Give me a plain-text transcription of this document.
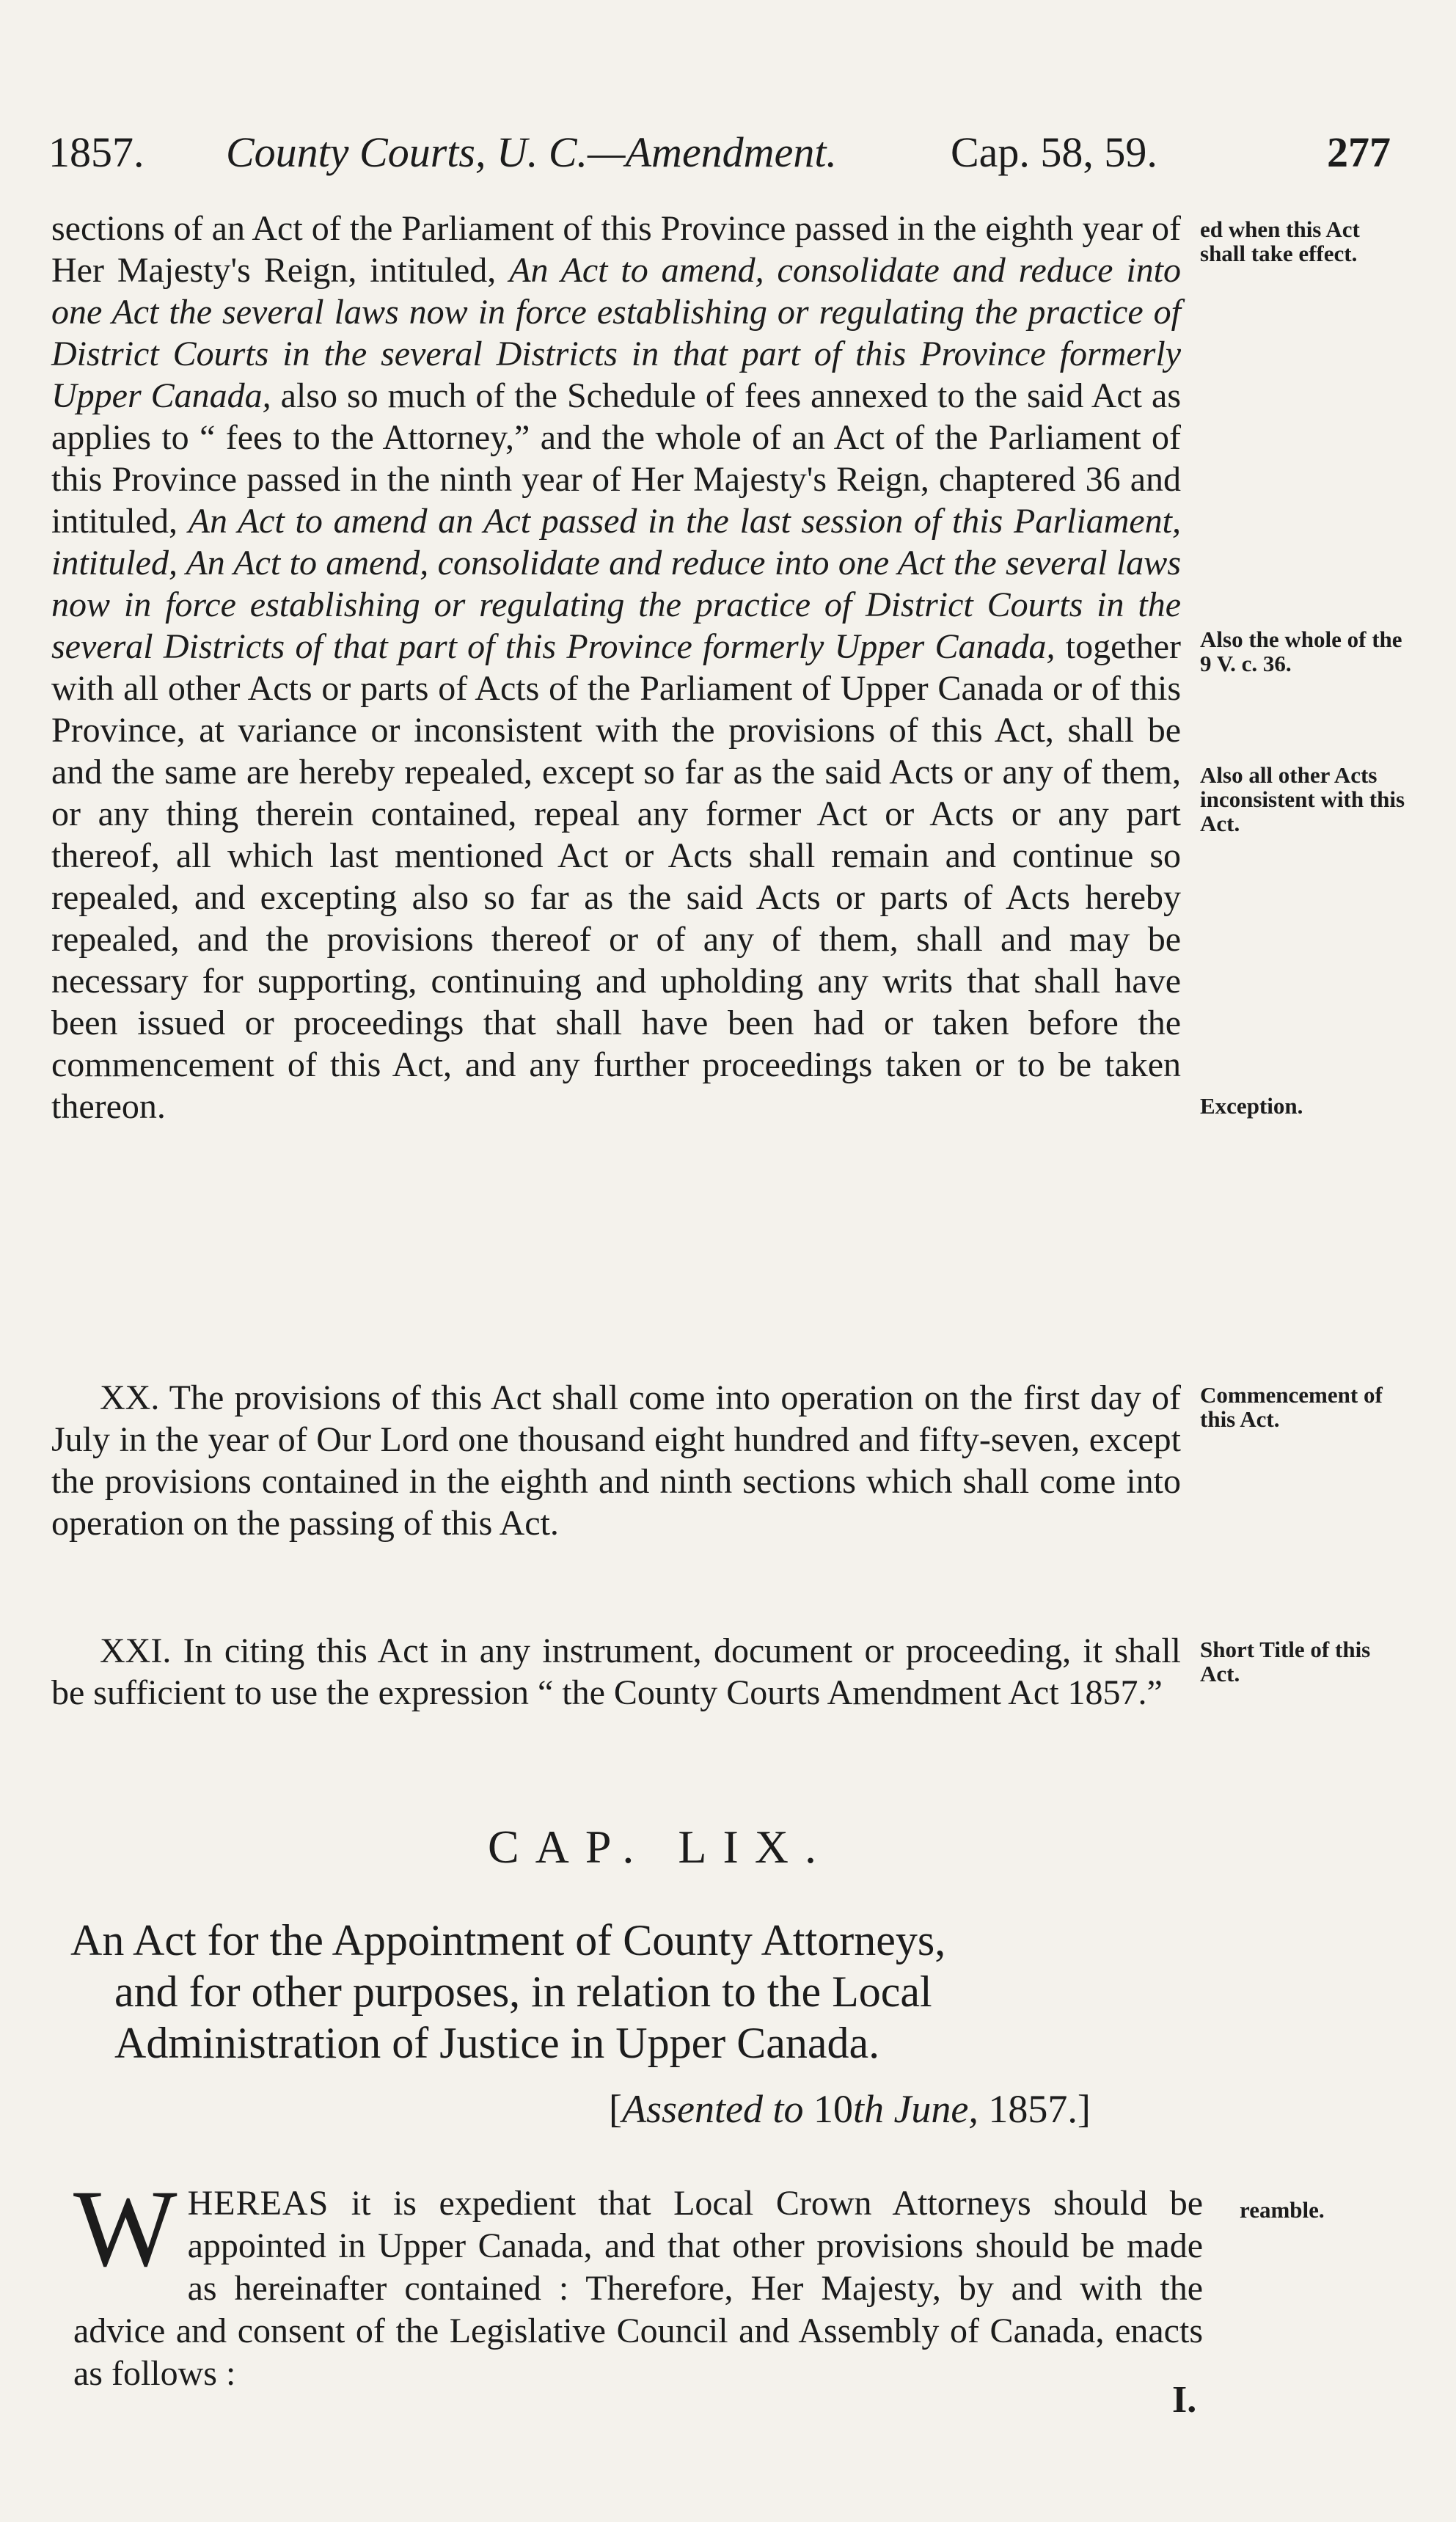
1857. County Courts, U. C.—Amendment.	Cap. 58, 59.	277

sections of an Act of the Parliament of this Province passed in the eighth year of Her Majesty's Reign, intituled, An Act to amend, consolidate and reduce into one Act the several laws now in force establishing or regulating the practice of District Courts in the several Districts in that part of this Province formerly Upper Canada, also so much of the Schedule of fees annexed to the said Act as applies to “ fees to the Attorney,” and the whole of an Act of the Parliament of this Province passed in the ninth year of Her Majesty's Reign, chaptered 36 and intituled, An Act to amend an Act passed in the last session of this Parliament, intituled, An Act to amend, consolidate and reduce into one Act the several laws now in force establishing or regulating the practice of District Courts in the several Districts of that part of this Province formerly Upper Canada, together with all other Acts or parts of Acts of the Parliament of Upper Canada or of this Province, at variance or inconsistent with the provisions of this Act, shall be and the same are hereby repealed, except so far as the said Acts or any of them, or any thing therein contained, repeal any former Act or Acts or any part thereof, all which last mentioned Act or Acts shall remain and continue so repealed, and excepting also so far as the said Acts or parts of Acts hereby repealed, and the provisions thereof or of any of them, shall and may be necessary for supporting, continuing and upholding any writs that shall have been issued or proceedings that shall have been had or taken before the commencement of this Act, and any further proceedings taken or to be taken thereon.

XX. The provisions of this Act shall come into operation on the first day of July in the year of Our Lord one thousand eight hundred and fifty-seven, except the provisions contained in the eighth and ninth sections which shall come into operation on the passing of this Act.

XXI. In citing this Act in any instrument, document or proceeding, it shall be sufficient to use the expression “ the County Courts Amendment Act 1857.”

CAP. LIX.

An Act for the Appointment of County Attorneys,

and for other purposes, in relation to the Local

Administration of Justice in Upper Canada.

[Assented to 10th June, 1857.]
W HEREAS it is expedient that Local Crown Attorneys should be appointed in Upper Canada, and that other provisions should be made as hereinafter contained : Therefore, Her Majesty, by and with the advice and consent of the Legislative Council and Assembly of Canada, enacts as follows :
I.
ed when this Act shall take effect.
Also the whole of the 9 V. c. 36.
Also all other Acts inconsistent with this Act.
Exception.
Commencement of this Act.
Short Title of this Act.
reamble.
